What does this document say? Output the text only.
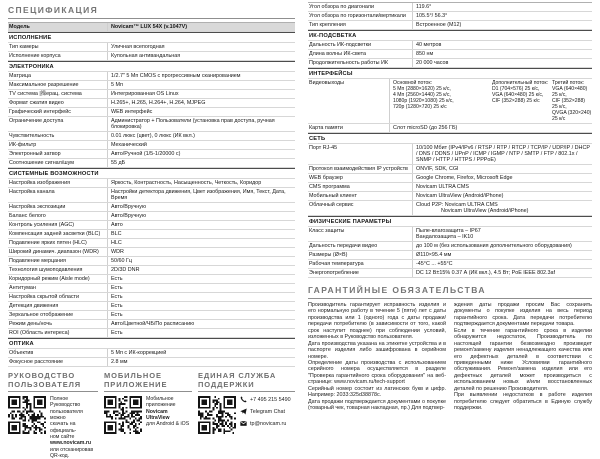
СПЕЦИФИКАЦИЯ
Модель	Novicam™ LUX 54X (v.1047V)
ИСПОЛНЕНИЕ
Тип камеры	Уличная всепогодная
Исполнение корпуса	Купольная антивандальная
ЭЛЕКТРОНИКА
Матрица	1/2.7" 5 Мп CMOS с прогрессивным сканированием
Максимальное разрешение	5 Мп
TV система |操ерац. система	Интегрированная OS Linux
Формат сжатия видео	H.265+, H.265, H.264+, H.264, MJPEG
Графический интерфейс	WEB интерфейс
Ограничение доступа	Администратор + Пользователи (установка прав доступа, ручная блокировка)
Чувствительность	0.01 люкс (цвет), 0 люкс (ИК вкл.)
ИК-фильтр	Механический
Электронный затвор	Авто/Ручной (1/5-1/20000 с)
Соотношение сигнал/шум	55 дБ
СИСТЕМНЫЕ ВОЗМОЖНОСТИ
Настройка изображения	Яркость, Контрастность, Насыщенность, Четкость, Коридор
Настройка канала	Настройки детектора движения, Цвет изображения, Имя, Текст, Дата, Время
Настройка экспозиции	Авто/Вручную
Баланс белого	Авто/Вручную
Контроль усиления (AGC)	Авто
Компенсация задней засветки (BLC)	BLC
Подавление ярких пятен (HLC)	HLC
Широкий динамич. диапазон (WDR)	WDR
Подавление мерцания	50/60 Гц
Технология шумоподавления	2D/3D DNR
Коридорный режим (Aisle mode)	Есть
Антитуман	Есть
Настройка скрытой области	Есть
Детекция движения	Есть
Зеркальное отображение	Есть
Режим день/ночь	Авто/Цветной/ЧБ/По расписанию
ROI (Область интереса)	Есть
ОПТИКА
Объектив	5 Мп с ИК-коррекцией
Фокусное расстояние	2.8 мм
РУКОВОДСТВО
ПОЛЬЗОВАТЕЛЯ
Полное Руководство
пользователя можно
скачать на официаль-
ном сайте
www.novicam.ru
или отсканировав
QR-код.
МОБИЛЬНОЕ
ПРИЛОЖЕНИЕ
Мобильное
приложение
Novicam UltraView
для Android & iOS
ЕДИНАЯ СЛУЖБА
ПОДДЕРЖКИ
+7 495 215 5490
Telegram Chat
tp@novicam.ru
Угол обзора по диагонали	119.6°
Угол обзора по горизонтали/вертикали	105.5°/ 56.3°
Тип крепления	Встроенное (M12)
ИК-ПОДСВЕТКА
Дальность ИК-подсветки	40 метров
Длина волны ИК-света	850 нм
Продолжительность работы ИК	20 000 часов
ИНТЕРФЕЙСЫ
Видеовыходы	Основной поток:
5 Мп (2880×1620) 25 к/с,
4 Мп (2560×1440) 25 к/с,
1080p (1920×1080) 25 к/с,
720p (1280×720) 25 к/с
Дополнительный поток:
D1 (704×576) 25 к/с,
VGA (640×480) 25 к/с,
CIF (352×288) 25 к/с
Третий поток:
VGA (640×480) 25 к/с,
CIF (352×288) 25 к/с,
QVGA (320×240) 25 к/с
Карта памяти	Слот microSD (до 256 ГБ)
СЕТЬ
Порт RJ-45	10/100 Мбит (IPv4/IPv6 / RTSP / RTP / RTCP / TCP/IP / UDP/IP / DHCP / DNS / DDNS / UPnP / ICMP / IGMP / NTP / SMTP / FTP / 802.1x / SNMP / HTTP / HTTPS / PPPoE)
Протокол взаимодействия IP устройств	ONVIF, SDK, CGI
WEB браузер	Google Chrome, Firefox, Microsoft Edge
CMS программа	Novicam ULTRA CMS
Мобильный клиент	Novicam UltraView (Android/iPhone)
Облачный сервис	Cloud P2P: Novicam ULTRA CMS
Novicam UltraView (Android/iPhone)
ФИЗИЧЕСКИЕ ПАРАМЕТРЫ
Класс защиты	Пыле-влагозащита – IP67
Вандалозащита – IK10
Дальность передачи видео	до 100 м (без использования дополнительного оборудования)
Размеры (Ø×В)	Ø110×95.4 мм
Рабочая температура	-45°C ... +55°C
Энергопотребление	DC 12 В±15% 0.37 А (ИК вкл.), 4.5 Вт; PoE IEEE 802.3af
ГАРАНТИЙНЫЕ ОБЯЗАТЕЛЬСТВА

Производитель гарантирует исправность изделия и его нормальную работу в течение 5 (пяти) лет с даты производства или 1 (одного) года с даты продажи/передачи потребителю (в зависимости от того, какой срок наступит позднее) при соблюдении условий, изложенных в Руководство пользователя.

Дата производства указана на этикетке устройства и в паспорте изделия либо зашифрована в серийном номере.

Определение даты производства с использованием серийного номера осуществляется в разделе "Проверка гарантийного срока оборудования" на веб-странице: www.novicam.ru/tech-support

Серийный номер состоит из латинских букв и цифр. Например: 2033:325d38878c.

Дата продажи подтверждается документами о покупке (товарный чек, товарная накладная, пр.) Для подтвер-

ждения даты продажи просим Вас сохранить документы о покупке изделия на весь период гарантийного срока. Дата передачи потребителю подтверждается документами передачи товара.

Если в течение гарантийного срока в изделии обнаружится недостаток, Производитель по настоящей гарантии безвозмездно произведет ремонт/замену изделия ненадлежащего качества или его дефектных деталей в соответствии с приведенными ниже Условиями гарантийного обслуживания. Ремонт/замена изделия или его дефектных деталей может производиться с использованием новых и/или восстановленных деталей по решению Производителя.

При выявлении недостатков в работе изделия потребителю следует обратиться в Единую службу поддержки.
